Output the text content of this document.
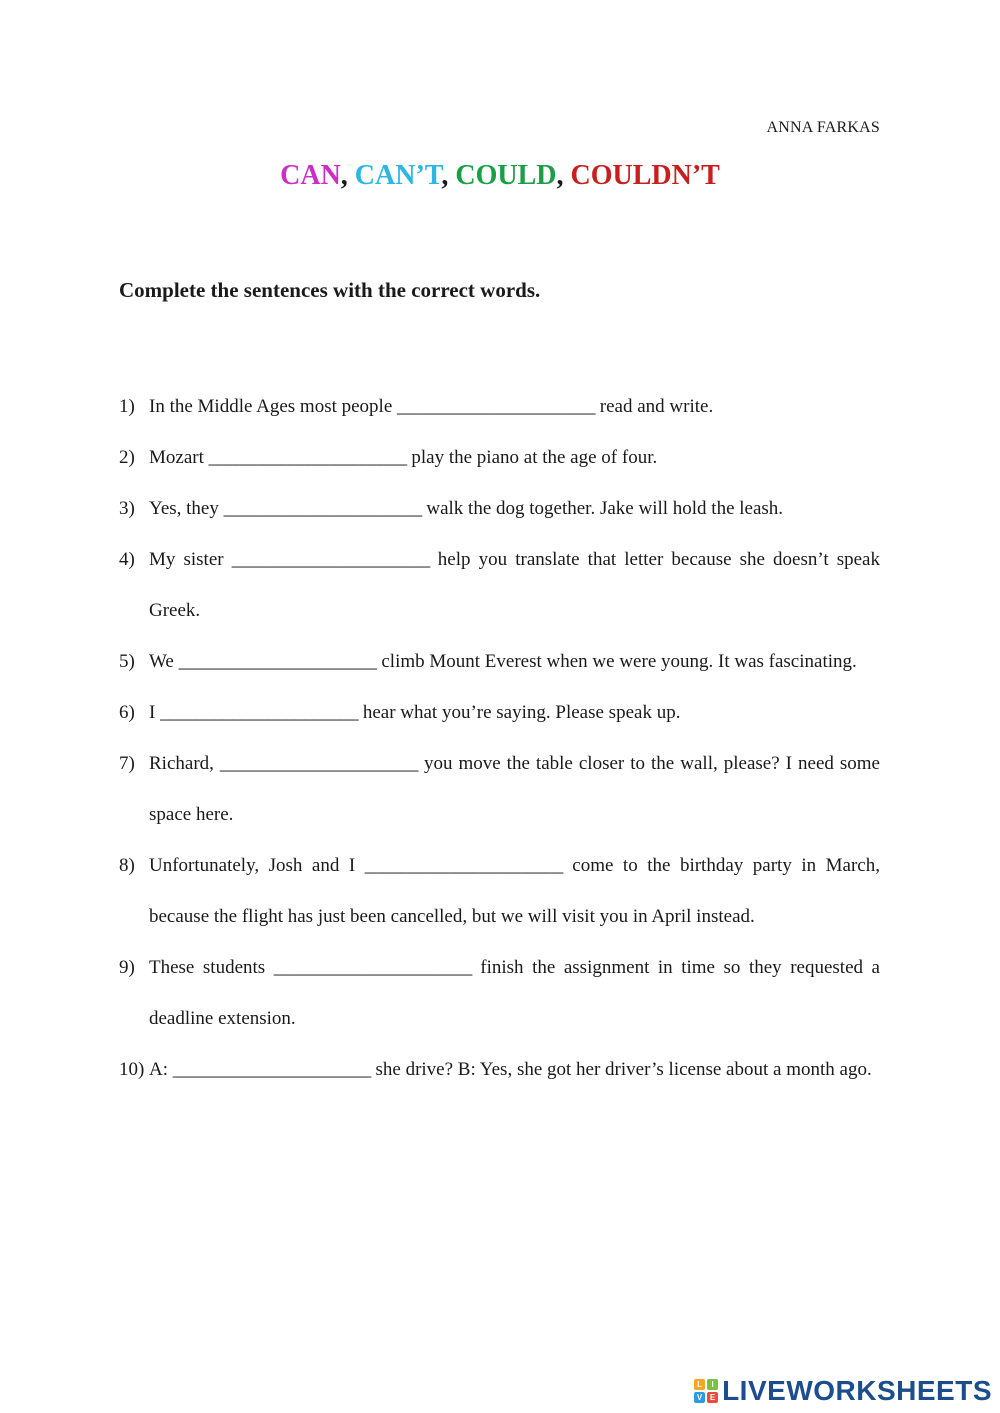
ANNA FARKAS
CAN, CAN’T, COULD, COULDN’T
Complete the sentences with the correct words.
1) In the Middle Ages most people ______________________ read and write.
2) Mozart ______________________ play the piano at the age of four.
3) Yes, they ______________________ walk the dog together. Jake will hold the leash.
4) My sister ______________________ help you translate that letter because she doesn’t speak Greek.
5) We ______________________ climb Mount Everest when we were young. It was fascinating.
6) I ______________________ hear what you’re saying. Please speak up.
7) Richard, ______________________ you move the table closer to the wall, please? I need some space here.
8) Unfortunately, Josh and I ______________________ come to the birthday party in March, because the flight has just been cancelled, but we will visit you in April instead.
9) These students ______________________ finish the assignment in time so they requested a deadline extension.
10) A: ______________________ she drive? B: Yes, she got her driver’s license about a month ago.
L	I
V E LIVEWORKSHEETS
